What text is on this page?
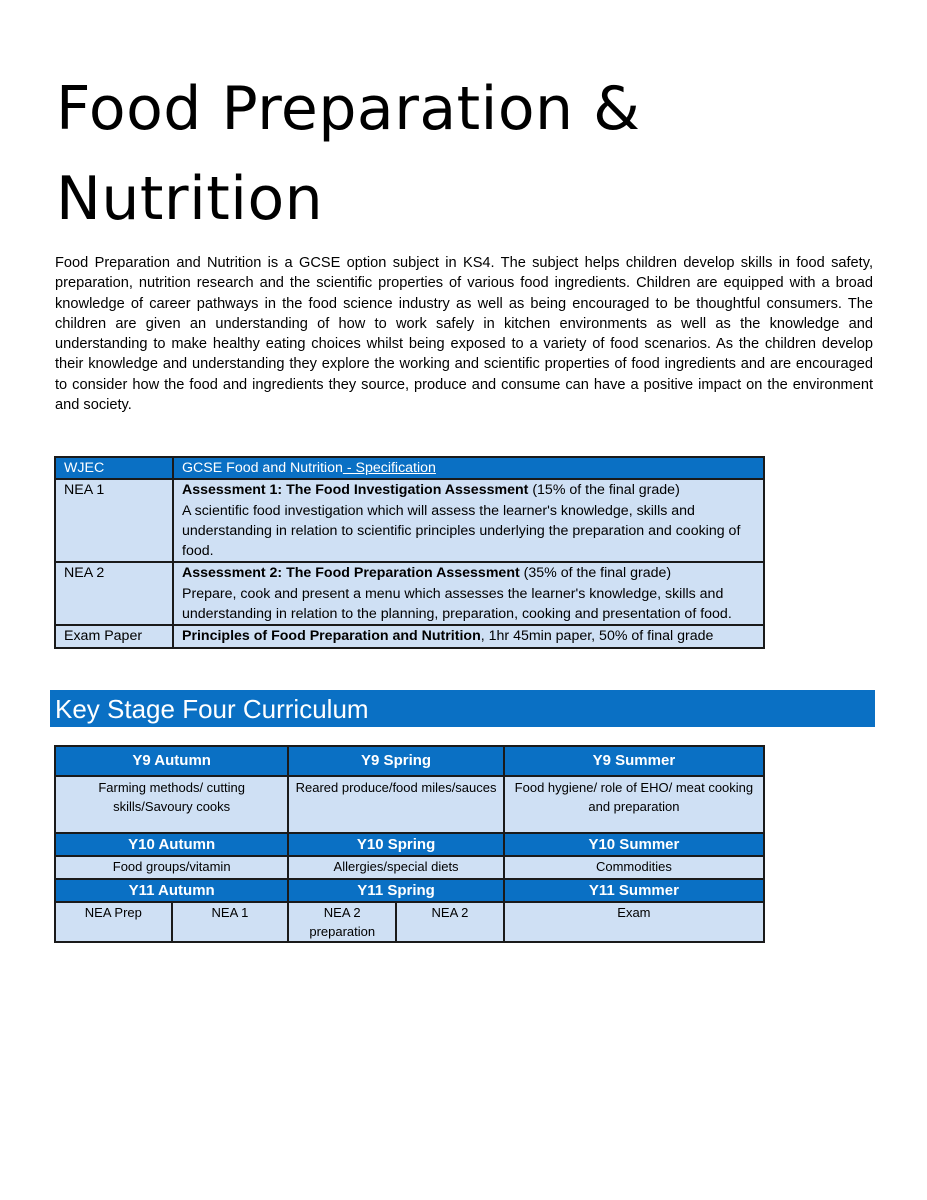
Food Preparation & Nutrition

Food Preparation and Nutrition is a GCSE option subject in KS4. The subject helps children develop skills in food safety, preparation, nutrition research and the scientific properties of various food ingredients. Children are equipped with a broad knowledge of career pathways in the food science industry as well as being encouraged to be thoughtful consumers. The children are given an understanding of how to work safely in kitchen environments as well as the knowledge and understanding to make healthy eating choices whilst being exposed to a variety of food scenarios. As the children develop their knowledge and understanding they explore the working and scientific properties of food ingredients and are encouraged to consider how the food and ingredients they source, produce and consume can have a positive impact on the environment and society.

WJEC	GCSE Food and Nutrition - Specification
NEA 1	Assessment 1: The Food Investigation Assessment (15% of the final grade)
A scientific food investigation which will assess the learner's knowledge, skills and understanding in relation to scientific principles underlying the preparation and cooking of food.
NEA 2	Assessment 2: The Food Preparation Assessment (35% of the final grade)
Prepare, cook and present a menu which assesses the learner's knowledge, skills and understanding in relation to the planning, preparation, cooking and presentation of food.
Exam Paper	Principles of Food Preparation and Nutrition, 1hr 45min paper, 50% of final grade
Key Stage Four Curriculum
Y9 Autumn		Y9 Spring		Y9 Summer
Farming methods/ cutting skills/Savoury cooks		Reared produce/food miles/sauces		Food hygiene/ role of EHO/ meat cooking and preparation
Y10 Autumn		Y10 Spring		Y10 Summer
Food groups/vitamin		Allergies/special diets		Commodities
Y11 Autumn		Y11 Spring		Y11 Summer
NEA Prep	NEA 1	NEA 2 preparation	NEA 2	Exam
